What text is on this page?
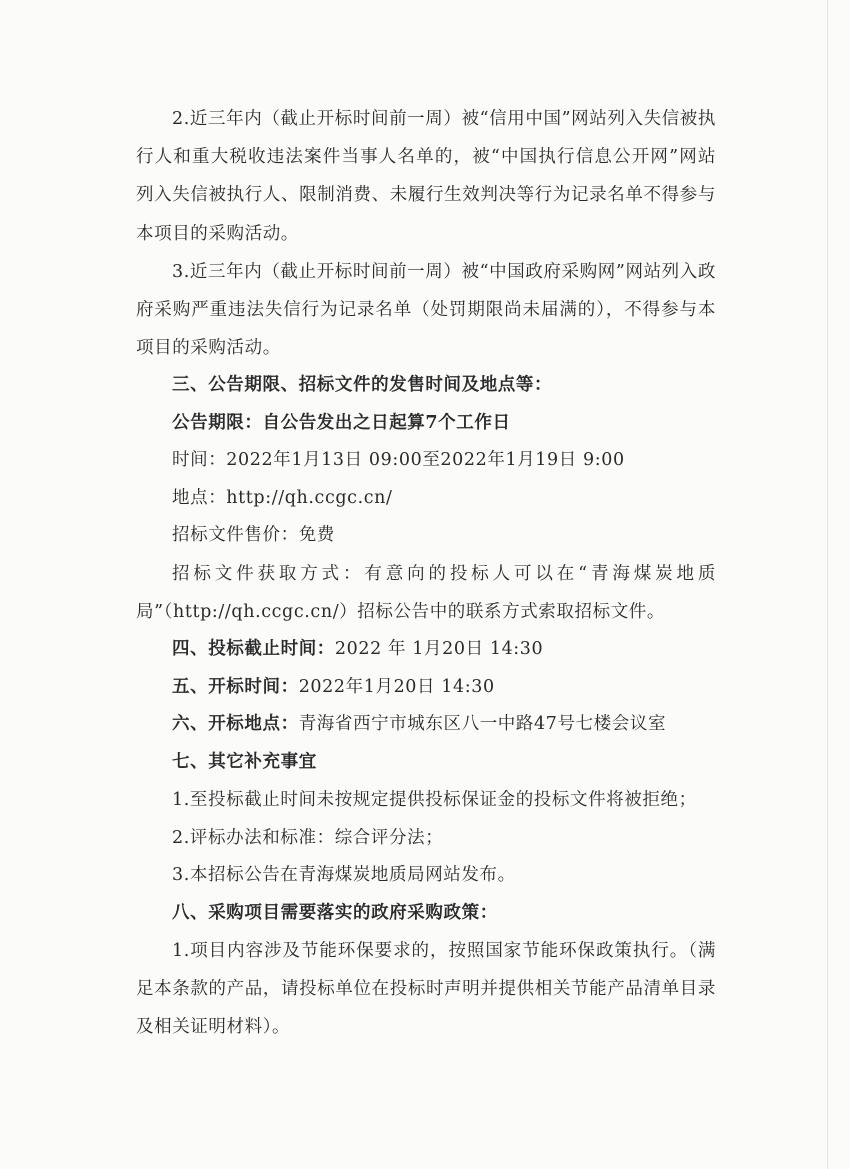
2.近三年内（截止开标时间前一周）被“信用中国”网站列入失信被执行人和重大税收违法案件当事人名单的，被“中国执行信息公开网”网站列入失信被执行人、限制消费、未履行生效判决等行为记录名单不得参与本项目的采购活动。

3.近三年内（截止开标时间前一周）被“中国政府采购网”网站列入政府采购严重违法失信行为记录名单（处罚期限尚未届满的），不得参与本项目的采购活动。

三、公告期限、招标文件的发售时间及地点等：

公告期限：自公告发出之日起算7个工作日

时间：2022年1月13日 09:00至2022年1月19日 9:00

地点：http://qh.ccgc.cn/

招标文件售价：免费

招标文件获取方式：有意向的投标人可以在“青海煤炭地质局”（http://qh.ccgc.cn/）招标公告中的联系方式索取招标文件。

四、投标截止时间：2022 年 1月20日 14:30

五、开标时间：2022年1月20日 14:30

六、开标地点：青海省西宁市城东区八一中路47号七楼会议室

七、其它补充事宜

1.至投标截止时间未按规定提供投标保证金的投标文件将被拒绝；

2.评标办法和标准：综合评分法；

3.本招标公告在青海煤炭地质局网站发布。

八、采购项目需要落实的政府采购政策：

1.项目内容涉及节能环保要求的，按照国家节能环保政策执行。（满足本条款的产品，请投标单位在投标时声明并提供相关节能产品清单目录及相关证明材料）。
